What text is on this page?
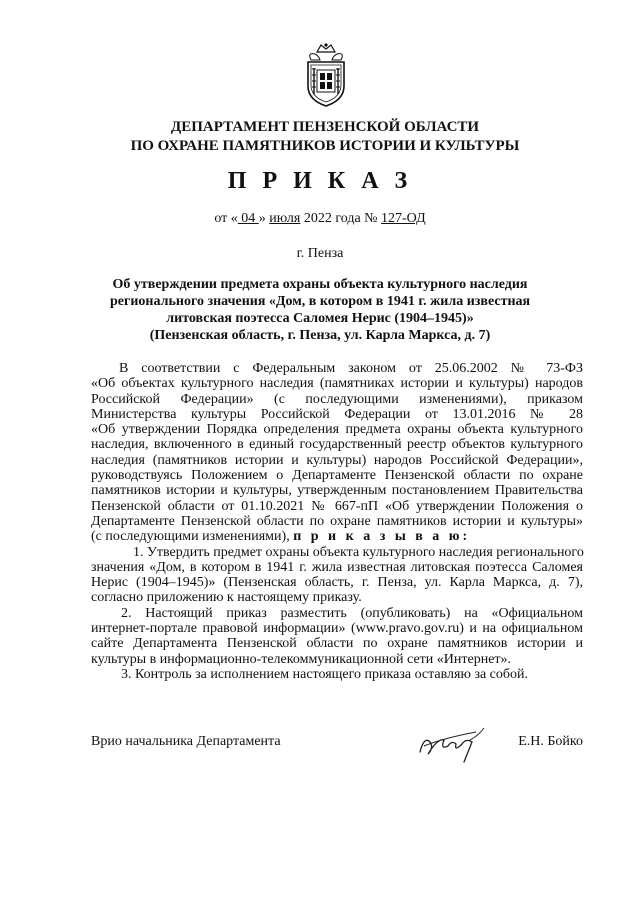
ДЕПАРТАМЕНТ ПЕНЗЕНСКОЙ ОБЛАСТИ
ПО ОХРАНЕ ПАМЯТНИКОВ ИСТОРИИ И КУЛЬТУРЫ
П Р И К А З
от « 04 » июля 2022 года № 127-ОД
г. Пенза
Об утверждении предмета охраны объекта культурного наследия
регионального значения «Дом, в котором в 1941 г. жила известная
литовская поэтесса Саломея Нерис (1904–1945)»
(Пензенская область, г. Пенза, ул. Карла Маркса, д. 7)
В соответствии с Федеральным законом от 25.06.2002 № 73-ФЗ
«Об объектах культурного наследия (памятниках истории и культуры) народов
Российской Федерации» (с последующими изменениями), приказом
Министерства культуры Российской Федерации от 13.01.2016 № 28
«Об утверждении Порядка определения предмета охраны объекта культурного
наследия, включенного в единый государственный реестр объектов культурного
наследия (памятников истории и культуры) народов Российской Федерации»,
руководствуясь Положением о Департаменте Пензенской области по охране
памятников истории и культуры, утвержденным постановлением Правительства
Пензенской области от 01.10.2021 № 667-пП «Об утверждении Положения о
Департаменте Пензенской области по охране памятников истории и культуры»
(с последующими изменениями), п р и к а з ы в а ю:
1. Утвердить предмет охраны объекта культурного наследия регионального
значения «Дом, в котором в 1941 г. жила известная литовская поэтесса Саломея
Нерис (1904–1945)» (Пензенская область, г. Пенза, ул. Карла Маркса, д. 7),
согласно приложению к настоящему приказу.
2. Настоящий приказ разместить (опубликовать) на «Официальном
интернет-портале правовой информации» (www.pravo.gov.ru) и на официальном
сайте Департамента Пензенской области по охране памятников истории и
культуры в информационно-телекоммуникационной сети «Интернет».
3. Контроль за исполнением настоящего приказа оставляю за собой.
Врио начальника Департамента	Е.Н. Бойко
